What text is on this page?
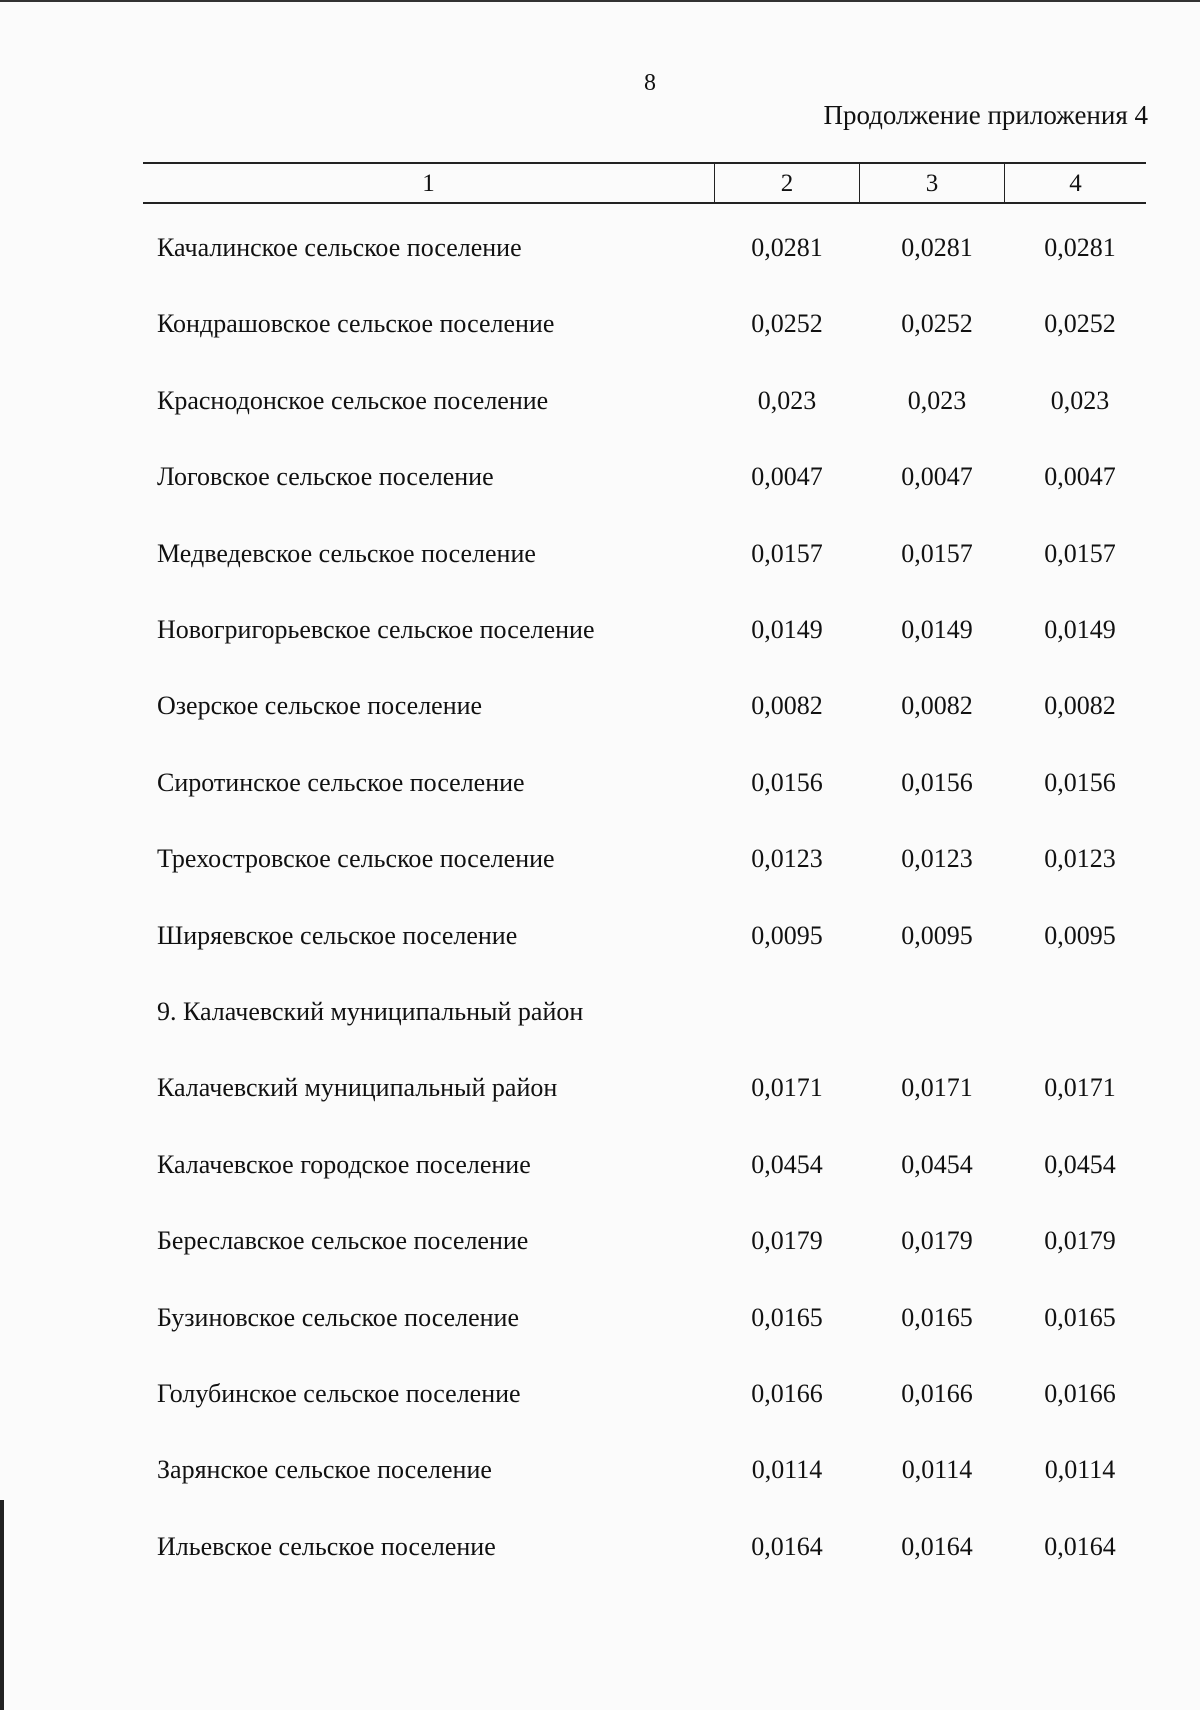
8
Продолжение приложения 4
1	2	3	4
Качалинское сельское поселение	0,0281	0,0281	0,0281
Кондрашовское сельское поселение	0,0252	0,0252	0,0252
Краснодонское сельское поселение	0,023	0,023	0,023
Логовское сельское поселение	0,0047	0,0047	0,0047
Медведевское сельское поселение	0,0157	0,0157	0,0157
Новогригорьевское сельское поселение	0,0149	0,0149	0,0149
Озерское сельское поселение	0,0082	0,0082	0,0082
Сиротинское сельское поселение	0,0156	0,0156	0,0156
Трехостровское сельское поселение	0,0123	0,0123	0,0123
Ширяевское сельское поселение	0,0095	0,0095	0,0095
9. Калачевский муниципальный район
Калачевский муниципальный район	0,0171	0,0171	0,0171
Калачевское городское поселение	0,0454	0,0454	0,0454
Береславское сельское поселение	0,0179	0,0179	0,0179
Бузиновское сельское поселение	0,0165	0,0165	0,0165
Голубинское сельское поселение	0,0166	0,0166	0,0166
Зарянское сельское поселение	0,0114	0,0114	0,0114
Ильевское сельское поселение	0,0164	0,0164	0,0164
